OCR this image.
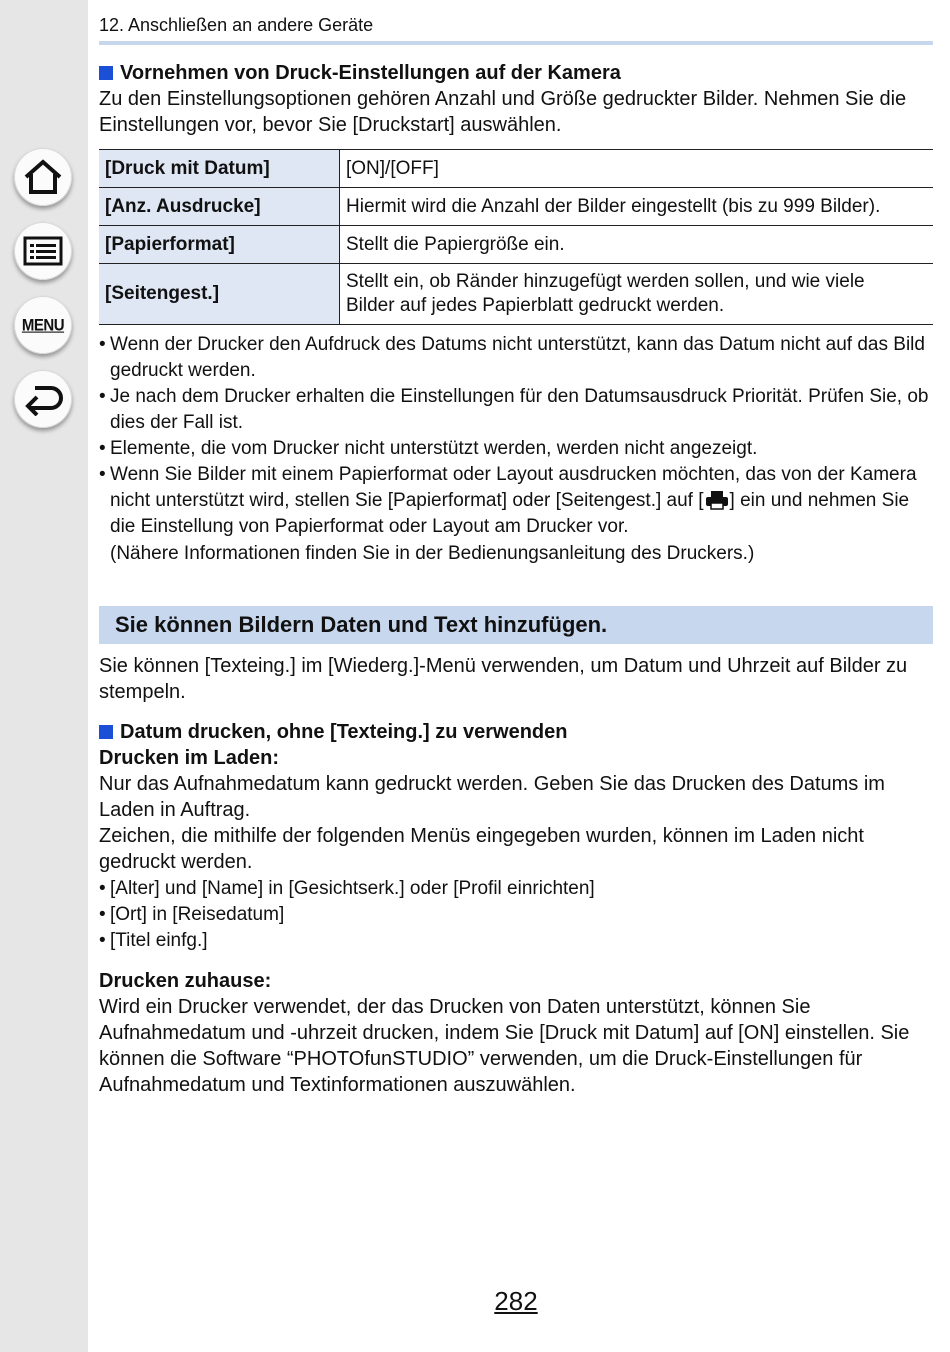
MENU
12. Anschließen an andere Geräte
Vornehmen von Druck-Einstellungen auf der Kamera
Zu den Einstellungsoptionen gehören Anzahl und Größe gedruckter Bilder. Nehmen Sie die Einstellungen vor, bevor Sie [Druckstart] auswählen.
[Druck mit Datum]	[ON]/[OFF]
[Anz. Ausdrucke]	Hiermit wird die Anzahl der Bilder eingestellt (bis zu 999 Bilder).
[Papierformat]	Stellt die Papiergröße ein.
[Seitengest.]	Stellt ein, ob Ränder hinzugefügt werden sollen, und wie viele
Bilder auf jedes Papierblatt gedruckt werden.
• Wenn der Drucker den Aufdruck des Datums nicht unterstützt, kann das Datum nicht auf das Bild gedruckt werden.
• Je nach dem Drucker erhalten die Einstellungen für den Datumsausdruck Priorität. Prüfen Sie, ob dies der Fall ist.
• Elemente, die vom Drucker nicht unterstützt werden, werden nicht angezeigt.
• Wenn Sie Bilder mit einem Papierformat oder Layout ausdrucken möchten, das von der Kamera nicht unterstützt wird, stellen Sie [Papierformat] oder [Seitengest.] auf [ ] ein und nehmen Sie die Einstellung von Papierformat oder Layout am Drucker vor.
(Nähere Informationen finden Sie in der Bedienungsanleitung des Druckers.)
Sie können Bildern Daten und Text hinzufügen.
Sie können [Texteing.] im [Wiederg.]-Menü verwenden, um Datum und Uhrzeit auf Bilder zu stempeln.
Datum drucken, ohne [Texteing.] zu verwenden
Drucken im Laden:
Nur das Aufnahmedatum kann gedruckt werden. Geben Sie das Drucken des Datums im Laden in Auftrag.
Zeichen, die mithilfe der folgenden Menüs eingegeben wurden, können im Laden nicht gedruckt werden.
• [Alter] und [Name] in [Gesichtserk.] oder [Profil einrichten]
• [Ort] in [Reisedatum]
• [Titel einfg.]
Drucken zuhause:
Wird ein Drucker verwendet, der das Drucken von Daten unterstützt, können Sie Aufnahmedatum und -uhrzeit drucken, indem Sie [Druck mit Datum] auf [ON] einstellen. Sie können die Software “PHOTOfunSTUDIO” verwenden, um die Druck-Einstellungen für Aufnahmedatum und Textinformationen auszuwählen.
282
